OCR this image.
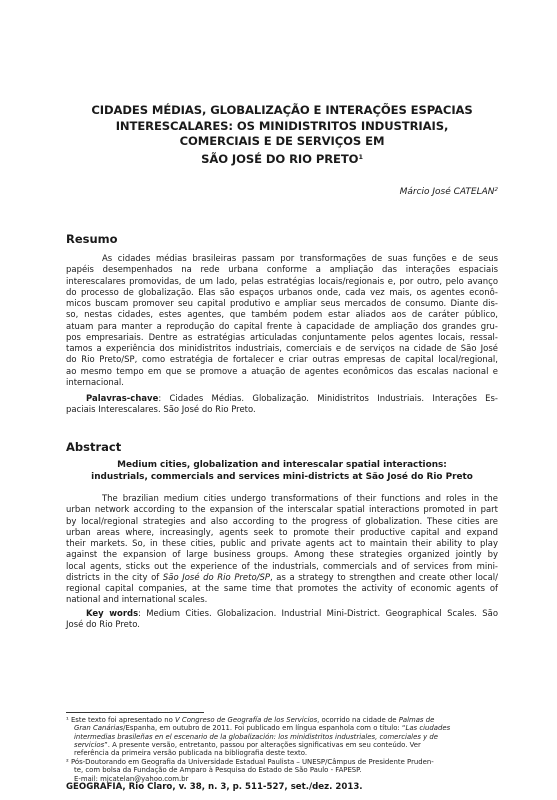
CIDADES MÉDIAS, GLOBALIZAÇÃO E INTERAÇÕES ESPACIAS
INTERESCALARES: OS MINIDISTRITOS INDUSTRIAIS,
COMERCIAIS E DE SERVIÇOS EM
SÃO JOSÉ DO RIO PRETO$^1$
Márcio José CATELAN$^2$
Resumo
As cidades médias brasileiras passam por transformações de suas funções e de seus
papéis desempenhados na rede urbana conforme a ampliação das interações espaciais
interescalares promovidas, de um lado, pelas estratégias locais/regionais e, por outro, pelo avanço
do processo de globalização. Elas são espaços urbanos onde, cada vez mais, os agentes econô-
micos buscam promover seu capital produtivo e ampliar seus mercados de consumo. Diante dis-
so, nestas cidades, estes agentes, que também podem estar aliados aos de caráter público,
atuam para manter a reprodução do capital frente à capacidade de ampliação dos grandes gru-
pos empresariais. Dentre as estratégias articuladas conjuntamente pelos agentes locais, ressal-
tamos a experiência dos minidistritos industriais, comerciais e de serviços na cidade de São José
do Rio Preto/SP, como estratégia de fortalecer e criar outras empresas de capital local/regional,
ao mesmo tempo em que se promove a atuação de agentes econômicos das escalas nacional e
internacional.
Palavras-chave: Cidades Médias. Globalização. Minidistritos Industriais. Interações Es-
paciais Interescalares. São José do Rio Preto.
Abstract
Medium cities, globalization and interescalar spatial interactions:
industrials, commercials and services mini-districts at São José do Rio Preto
The brazilian medium cities undergo transformations of their functions and roles in the
urban network according to the expansion of the interscalar spatial interactions promoted in part
by local/regional strategies and also according to the progress of globalization. These cities are
urban areas where, increasingly, agents seek to promote their productive capital and expand
their markets. So, in these cities, public and private agents act to maintain their ability to play
against the expansion of large business groups. Among these strategies organized jointly by
local agents, sticks out the experience of the industrials, commercials and of services from mini-
districts in the city of São José do Rio Preto/SP, as a strategy to strengthen and create other local/
regional capital companies, at the same time that promotes the activity of economic agents of
national and international scales.
Key words: Medium Cities. Globalizacion. Industrial Mini-District. Geographical Scales. São
José do Rio Preto.
¹ Este texto foi apresentado no V Congreso de Geografía de los Servicios, ocorrido na cidade de Palmas de
Gran Canárias/Espanha, em outubro de 2011. Foi publicado em língua espanhola com o título: “Las ciudades
intermedias brasileñas en el escenario de la globalización: los minidistritos industriales, comerciales y de
servicios”. A presente versão, entretanto, passou por alterações significativas em seu conteúdo. Ver
referência da primeira versão publicada na bibliografia deste texto.
² Pós-Doutorando em Geografia da Universidade Estadual Paulista – UNESP/Câmpus de Presidente Pruden-
te, com bolsa da Fundação de Amparo à Pesquisa do Estado de São Paulo - FAPESP.
E-mail: mjcatelan@yahoo.com.br
GEOGRAFIA, Rio Claro, v. 38, n. 3, p. 511-527, set./dez. 2013.
